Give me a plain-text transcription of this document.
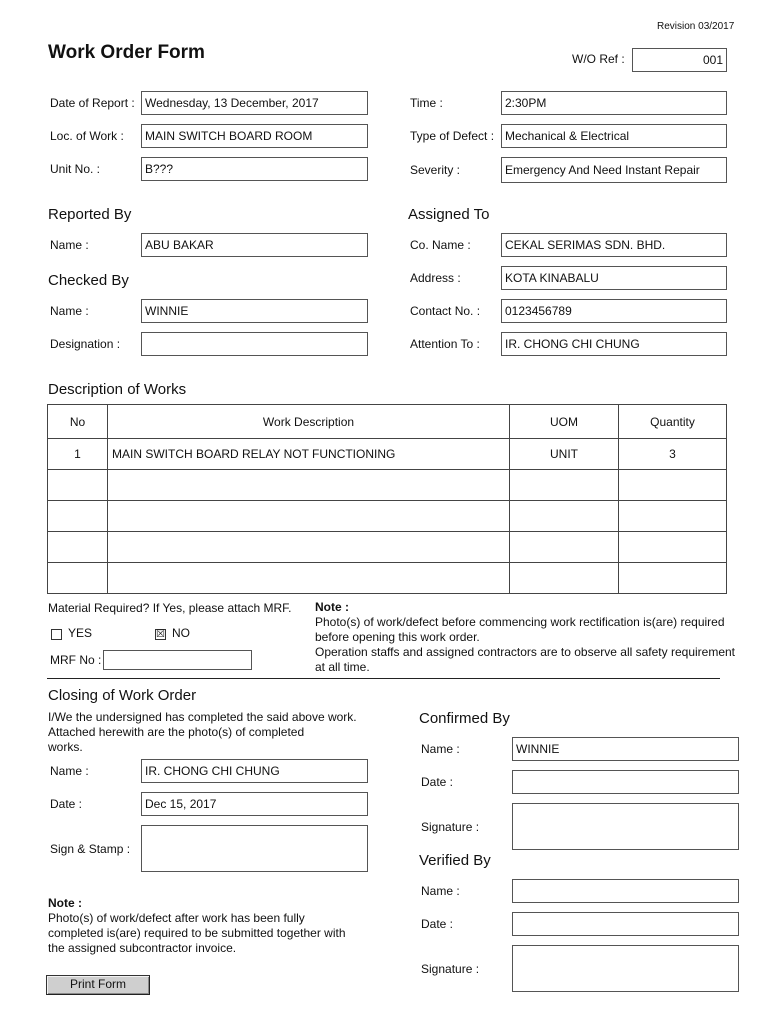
Revision 03/2017
Work Order Form	W/O Ref :	001
Date of Report : Wednesday, 13 December, 2017
Loc. of Work :	MAIN SWITCH BOARD ROOM
Unit No. :	B???
Time :	2:30PM
Type of Defect : Mechanical & Electrical
Severity :	Emergency And Need Instant Repair
Reported By
Name :	ABU BAKAR
Checked By
Name :	WINNIE
Designation :
Assigned To
Co. Name :	CEKAL SERIMAS SDN. BHD.
Address :	KOTA KINABALU
Contact No. :	0123456789
Attention To :	IR. CHONG CHI CHUNG
Description of Works
No	Work Description	UOM	Quantity
1	MAIN SWITCH BOARD RELAY NOT FUNCTIONING	UNIT	3

Material Required? If Yes, please attach MRF.
YES	☒ NO
MRF No :
Note :
Photo(s) of work/defect before commencing work rectification is(are) required
before opening this work order.
Operation staffs and assigned contractors are to observe all safety requirement
at all time.
Closing of Work Order
I/We the undersigned has completed the said above work.
Attached herewith are the photo(s) of completed
works.
Name :	IR. CHONG CHI CHUNG
Date :	Dec 15, 2017
Sign & Stamp :
Note :
Photo(s) of work/defect after work has been fully
completed is(are) required to be submitted together with
the assigned subcontractor invoice.
Confirmed By
Name :	WINNIE
Date :
Signature :
Verified By
Name :
Date :
Signature :
Print Form
